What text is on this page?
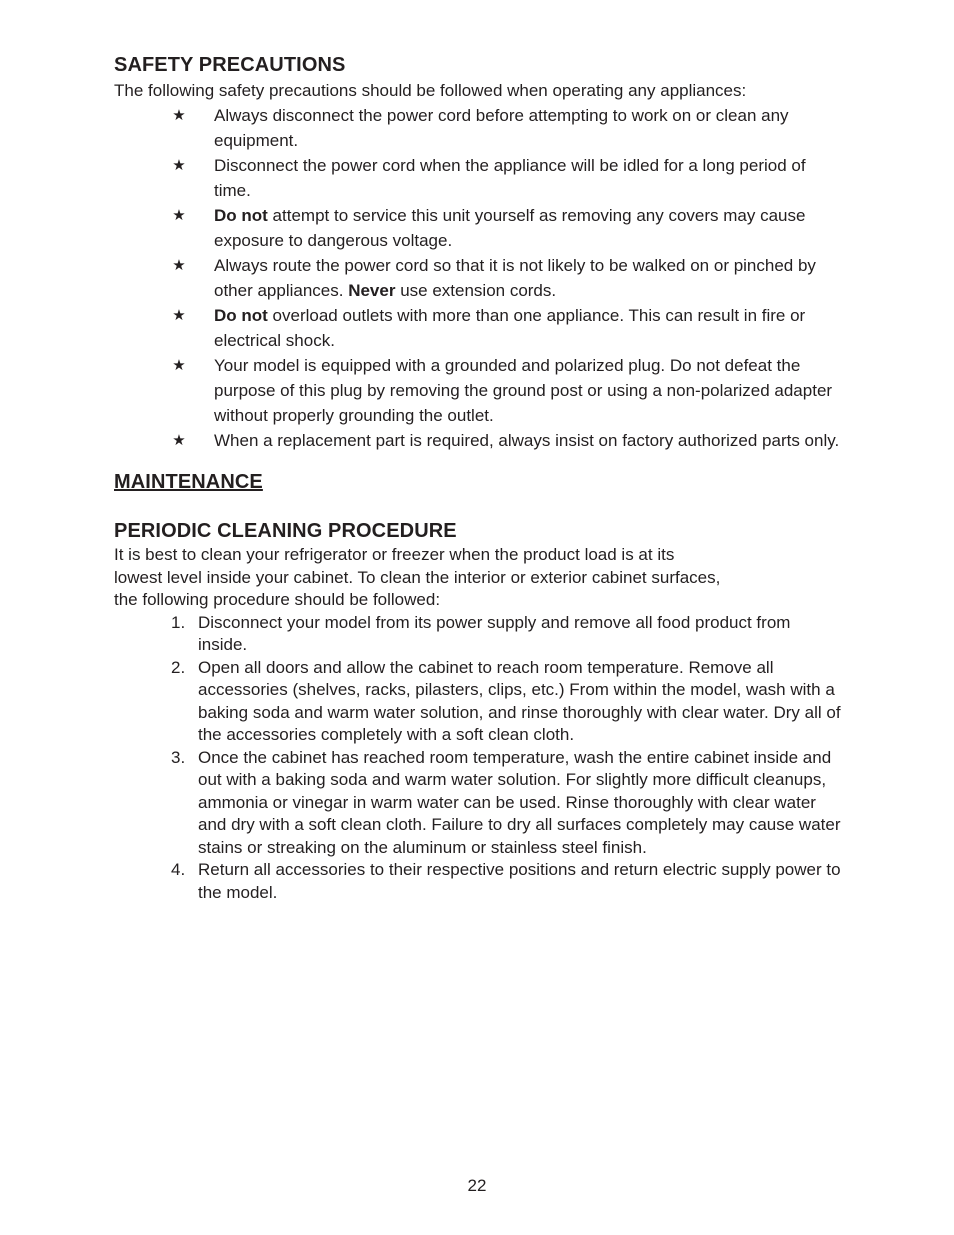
SAFETY PRECAUTIONS

The following safety precautions should be followed when operating any appliances:

★ Always disconnect the power cord before attempting to work on or clean any equipment.
★ Disconnect the power cord when the appliance will be idled for a long period of time.
★ Do not attempt to service this unit yourself as removing any covers may cause exposure to dangerous voltage.
★ Always route the power cord so that it is not likely to be walked on or pinched by other appliances. Never use extension cords.
★ Do not overload outlets with more than one appliance. This can result in fire or electrical shock.
★ Your model is equipped with a grounded and polarized plug. Do not defeat the purpose of this plug by removing the ground post or using a non-polarized adapter without properly grounding the outlet.
★ When a replacement part is required, always insist on factory authorized parts only.
MAINTENANCE
PERIODIC CLEANING PROCEDURE

It is best to clean your refrigerator or freezer when the product load is at its
lowest level inside your cabinet. To clean the interior or exterior cabinet surfaces,
the following procedure should be followed:

1. Disconnect your model from its power supply and remove all food product from inside.
2. Open all doors and allow the cabinet to reach room temperature. Remove all accessories (shelves, racks, pilasters, clips, etc.) From within the model, wash with a baking soda and warm water solution, and rinse thoroughly with clear water. Dry all of the accessories completely with a soft clean cloth.
3. Once the cabinet has reached room temperature, wash the entire cabinet inside and out with a baking soda and warm water solution. For slightly more difficult cleanups, ammonia or vinegar in warm water can be used. Rinse thoroughly with clear water and dry with a soft clean cloth. Failure to dry all surfaces completely may cause water stains or streaking on the aluminum or stainless steel finish.
4. Return all accessories to their respective positions and return electric supply power to the model.
22
